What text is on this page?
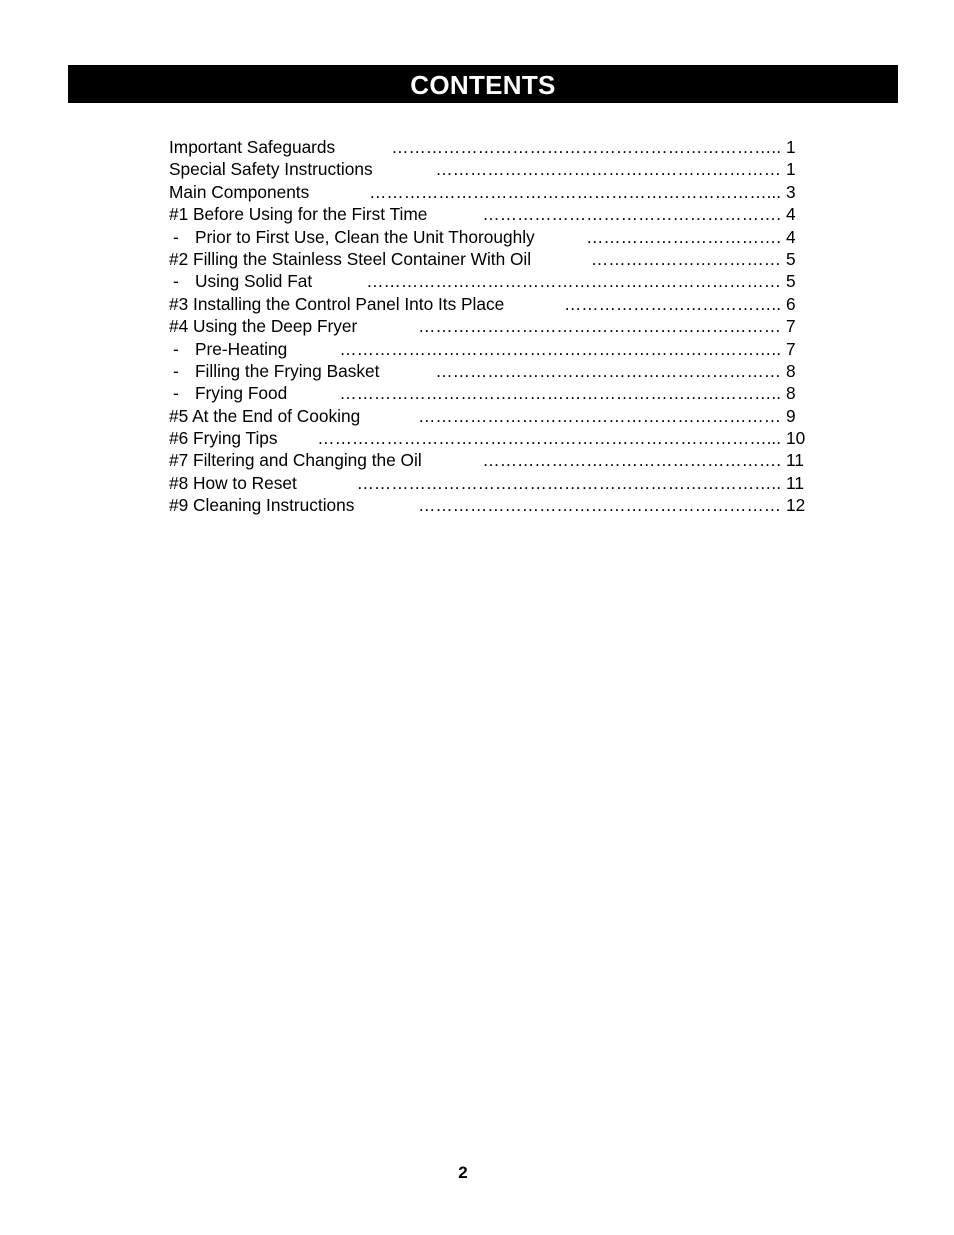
CONTENTS
Important Safeguards	………………………………………………………….. 1
Special Safety Instructions	…………………………………………………… 1
Main Components	……………………………………………………………... 3
#1 Before Using for the First Time	……………………………………………. 4
- Prior to First Use, Clean the Unit Thoroughly	……………………………. 4
#2 Filling the Stainless Steel Container With Oil	…………………………… 5
- Using Solid Fat	……………………………………………………………… 5
#3 Installing the Control Panel Into Its Place	……………………………….. 6
#4 Using the Deep Fryer	……………………………………………………… 7
- Pre-Heating	………………………………………………………………….. 7
- Filling the Frying Basket	…………………………………………………… 8
- Frying Food	………………………………………………………………….. 8
#5 At the End of Cooking	……………………………………………………… 9
#6 Frying Tips	……………………………………………………………………... 10
#7 Filtering and Changing the Oil	……………………………………………. 11
#8 How to Reset	……………………………………………………………….. 11
#9 Cleaning Instructions	……………………………………………………… 12
2
